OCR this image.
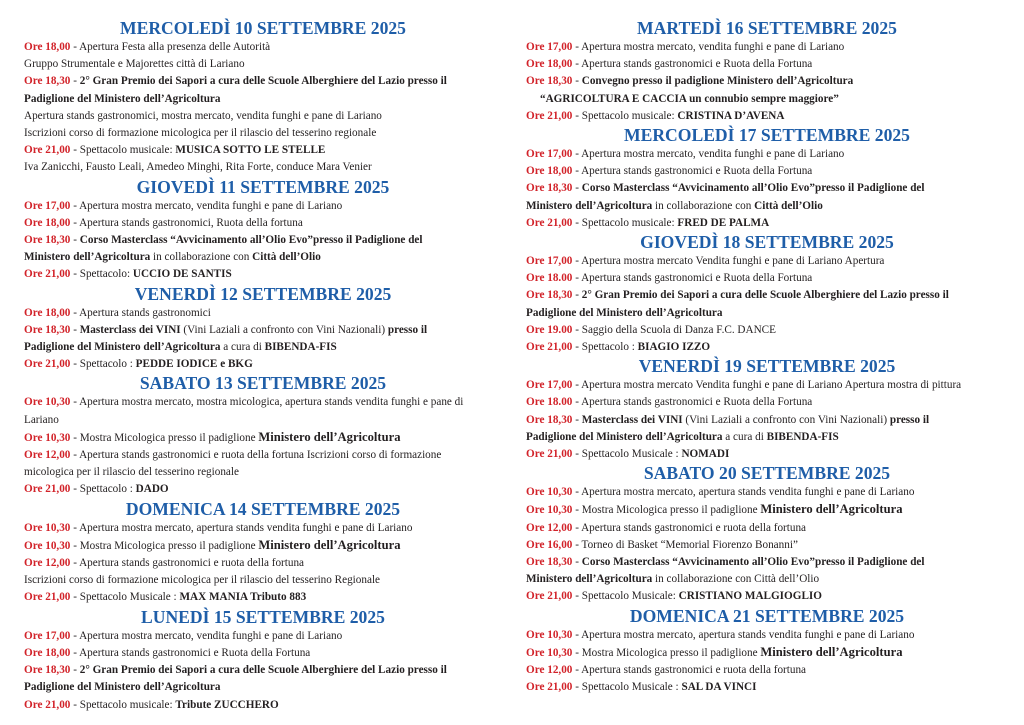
MERCOLEDÌ 10 SETTEMBRE 2025
Ore 18,00 - Apertura Festa alla presenza delle Autorità
Gruppo Strumentale e Majorettes città di Lariano
Ore 18,30 - 2° Gran Premio dei Sapori a cura delle Scuole Alberghiere del Lazio presso il
Padiglione del Ministero dell’Agricoltura
Apertura stands gastronomici, mostra mercato, vendita funghi e pane di Lariano
Iscrizioni corso di formazione micologica per il rilascio del tesserino regionale
Ore 21,00 - Spettacolo musicale: MUSICA SOTTO LE STELLE
Iva Zanicchi, Fausto Leali, Amedeo Minghi, Rita Forte, conduce Mara Venier
GIOVEDÌ 11 SETTEMBRE 2025
Ore 17,00 - Apertura mostra mercato, vendita funghi e pane di Lariano
Ore 18,00 - Apertura stands gastronomici, Ruota della fortuna
Ore 18,30 - Corso Masterclass “Avvicinamento all’Olio Evo”presso il Padiglione del
Ministero dell’Agricoltura in collaborazione con Città dell’Olio
Ore 21,00 - Spettacolo: UCCIO DE SANTIS
VENERDÌ 12 SETTEMBRE 2025
Ore 18,00 - Apertura stands gastronomici
Ore 18,30 - Masterclass dei VINI (Vini Laziali a confronto con Vini Nazionali) presso il
Padiglione del Ministero dell’Agricoltura a cura di BIBENDA-FIS
Ore 21,00 - Spettacolo : PEDDE IODICE e BKG
SABATO 13 SETTEMBRE 2025
Ore 10,30 - Apertura mostra mercato, mostra micologica, apertura stands vendita funghi e pane di
Lariano
Ore 10,30 - Mostra Micologica presso il padiglione Ministero dell’Agricoltura
Ore 12,00 - Apertura stands gastronomici e ruota della fortuna Iscrizioni corso di formazione
micologica per il rilascio del tesserino regionale
Ore 21,00 - Spettacolo : DADO
DOMENICA 14 SETTEMBRE 2025
Ore 10,30 - Apertura mostra mercato, apertura stands vendita funghi e pane di Lariano
Ore 10,30 - Mostra Micologica presso il padiglione Ministero dell’Agricoltura
Ore 12,00 - Apertura stands gastronomici e ruota della fortuna
Iscrizioni corso di formazione micologica per il rilascio del tesserino Regionale
Ore 21,00 - Spettacolo Musicale : MAX MANIA Tributo 883
LUNEDÌ 15 SETTEMBRE 2025
Ore 17,00 - Apertura mostra mercato, vendita funghi e pane di Lariano
Ore 18,00 - Apertura stands gastronomici e Ruota della Fortuna
Ore 18,30 - 2° Gran Premio dei Sapori a cura delle Scuole Alberghiere del Lazio presso il
Padiglione del Ministero dell’Agricoltura
Ore 21,00 - Spettacolo musicale: Tribute ZUCCHERO
MARTEDÌ 16 SETTEMBRE 2025
Ore 17,00 - Apertura mostra mercato, vendita funghi e pane di Lariano
Ore 18,00 - Apertura stands gastronomici e Ruota della Fortuna
Ore 18,30 - Convegno presso il padiglione Ministero dell’Agricoltura
“AGRICOLTURA E CACCIA un connubio sempre maggiore”
Ore 21,00 - Spettacolo musicale: CRISTINA D’AVENA
MERCOLEDÌ 17 SETTEMBRE 2025
Ore 17,00 - Apertura mostra mercato, vendita funghi e pane di Lariano
Ore 18,00 - Apertura stands gastronomici e Ruota della Fortuna
Ore 18,30 - Corso Masterclass “Avvicinamento all’Olio Evo”presso il Padiglione del
Ministero dell’Agricoltura in collaborazione con Città dell’Olio
Ore 21,00 - Spettacolo musicale: FRED DE PALMA
GIOVEDÌ 18 SETTEMBRE 2025
Ore 17,00 - Apertura mostra mercato Vendita funghi e pane di Lariano Apertura
Ore 18.00 - Apertura stands gastronomici e Ruota della Fortuna
Ore 18,30 - 2° Gran Premio dei Sapori a cura delle Scuole Alberghiere del Lazio presso il
Padiglione del Ministero dell’Agricoltura
Ore 19.00 - Saggio della Scuola di Danza F.C. DANCE
Ore 21,00 - Spettacolo : BIAGIO IZZO
VENERDÌ 19 SETTEMBRE 2025
Ore 17,00 - Apertura mostra mercato Vendita funghi e pane di Lariano Apertura mostra di pittura
Ore 18.00 - Apertura stands gastronomici e Ruota della Fortuna
Ore 18,30 - Masterclass dei VINI (Vini Laziali a confronto con Vini Nazionali) presso il
Padiglione del Ministero dell’Agricoltura a cura di BIBENDA-FIS
Ore 21,00 - Spettacolo Musicale : NOMADI
SABATO 20 SETTEMBRE 2025
Ore 10,30 - Apertura mostra mercato, apertura stands vendita funghi e pane di Lariano
Ore 10,30 - Mostra Micologica presso il padiglione Ministero dell’Agricoltura
Ore 12,00 - Apertura stands gastronomici e ruota della fortuna
Ore 16,00 - Torneo di Basket “Memorial Fiorenzo Bonanni”
Ore 18,30 - Corso Masterclass “Avvicinamento all’Olio Evo”presso il Padiglione del
Ministero dell’Agricoltura in collaborazione con Città dell’Olio
Ore 21,00 - Spettacolo Musicale: CRISTIANO MALGIOGLIO
DOMENICA 21 SETTEMBRE 2025
Ore 10,30 - Apertura mostra mercato, apertura stands vendita funghi e pane di Lariano
Ore 10,30 - Mostra Micologica presso il padiglione Ministero dell’Agricoltura
Ore 12,00 - Apertura stands gastronomici e ruota della fortuna
Ore 21,00 - Spettacolo Musicale : SAL DA VINCI
